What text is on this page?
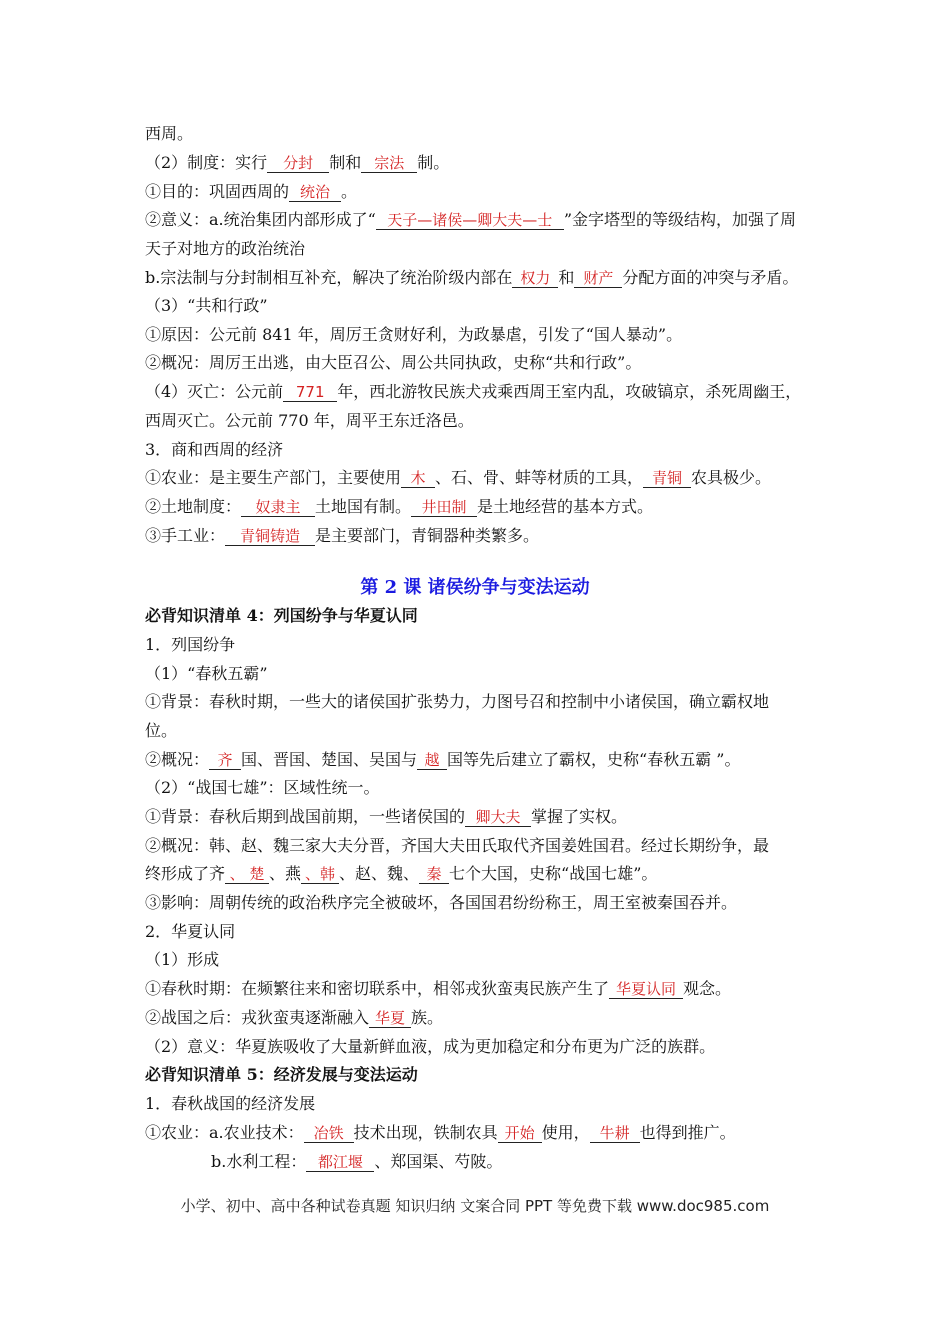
西周。
（2）制度：实行 分封 制和 宗法 制。
①目的：巩固西周的 统治 。
②意义：a.统治集团内部形成了“ 天子—诸侯—卿大夫—士 ”金字塔型的等级结构，加强了周
天子对地方的政治统治
b.宗法制与分封制相互补充，解决了统治阶级内部在 权力 和 财产 分配方面的冲突与矛盾。
（3）“共和行政”
①原因：公元前 841 年，周厉王贪财好利，为政暴虐，引发了“国人暴动”。
②概况：周厉王出逃，由大臣召公、周公共同执政，史称“共和行政”。
（4）灭亡：公元前 771 年，西北游牧民族犬戎乘西周王室内乱，攻破镐京，杀死周幽王，
西周灭亡。公元前 770 年，周平王东迁洛邑。
3．商和西周的经济
①农业：是主要生产部门，主要使用 木 、石、骨、蚌等材质的工具， 青铜 农具极少。
②土地制度： 奴隶主 土地国有制。 井田制 是土地经营的基本方式。
③手工业： 青铜铸造 是主要部门，青铜器种类繁多。
第 2 课 诸侯纷争与变法运动
必背知识清单 4：列国纷争与华夏认同
1．列国纷争
（1）“春秋五霸”
①背景：春秋时期，一些大的诸侯国扩张势力，力图号召和控制中小诸侯国，确立霸权地
位。
②概况： 齐 国、晋国、楚国、吴国与 越 国等先后建立了霸权，史称“春秋五霸 ”。
（2）“战国七雄”：区域性统一。
①背景：春秋后期到战国前期，一些诸侯国的 卿大夫 掌握了实权。
②概况：韩、赵、魏三家大夫分晋，齐国大夫田氏取代齐国姜姓国君。经过长期纷争，最
终形成了齐 、 楚 、燕 、韩 、赵、魏、 秦 七个大国，史称“战国七雄”。
③影响：周朝传统的政治秩序完全被破坏，各国国君纷纷称王，周王室被秦国吞并。
2．华夏认同
（1）形成
①春秋时期：在频繁往来和密切联系中，相邻戎狄蛮夷民族产生了 华夏认同 观念。
②战国之后：戎狄蛮夷逐渐融入 华夏 族。
（2）意义：华夏族吸收了大量新鲜血液，成为更加稳定和分布更为广泛的族群。
必背知识清单 5：经济发展与变法运动
1．春秋战国的经济发展
①农业：a.农业技术： 冶铁 技术出现，铁制农具 开始 使用， 牛耕 也得到推广。
b.水利工程： 都江堰 、郑国渠、芍陂。
小学、初中、高中各种试卷真题 知识归纳 文案合同 PPT 等免费下载 www.doc985.com
